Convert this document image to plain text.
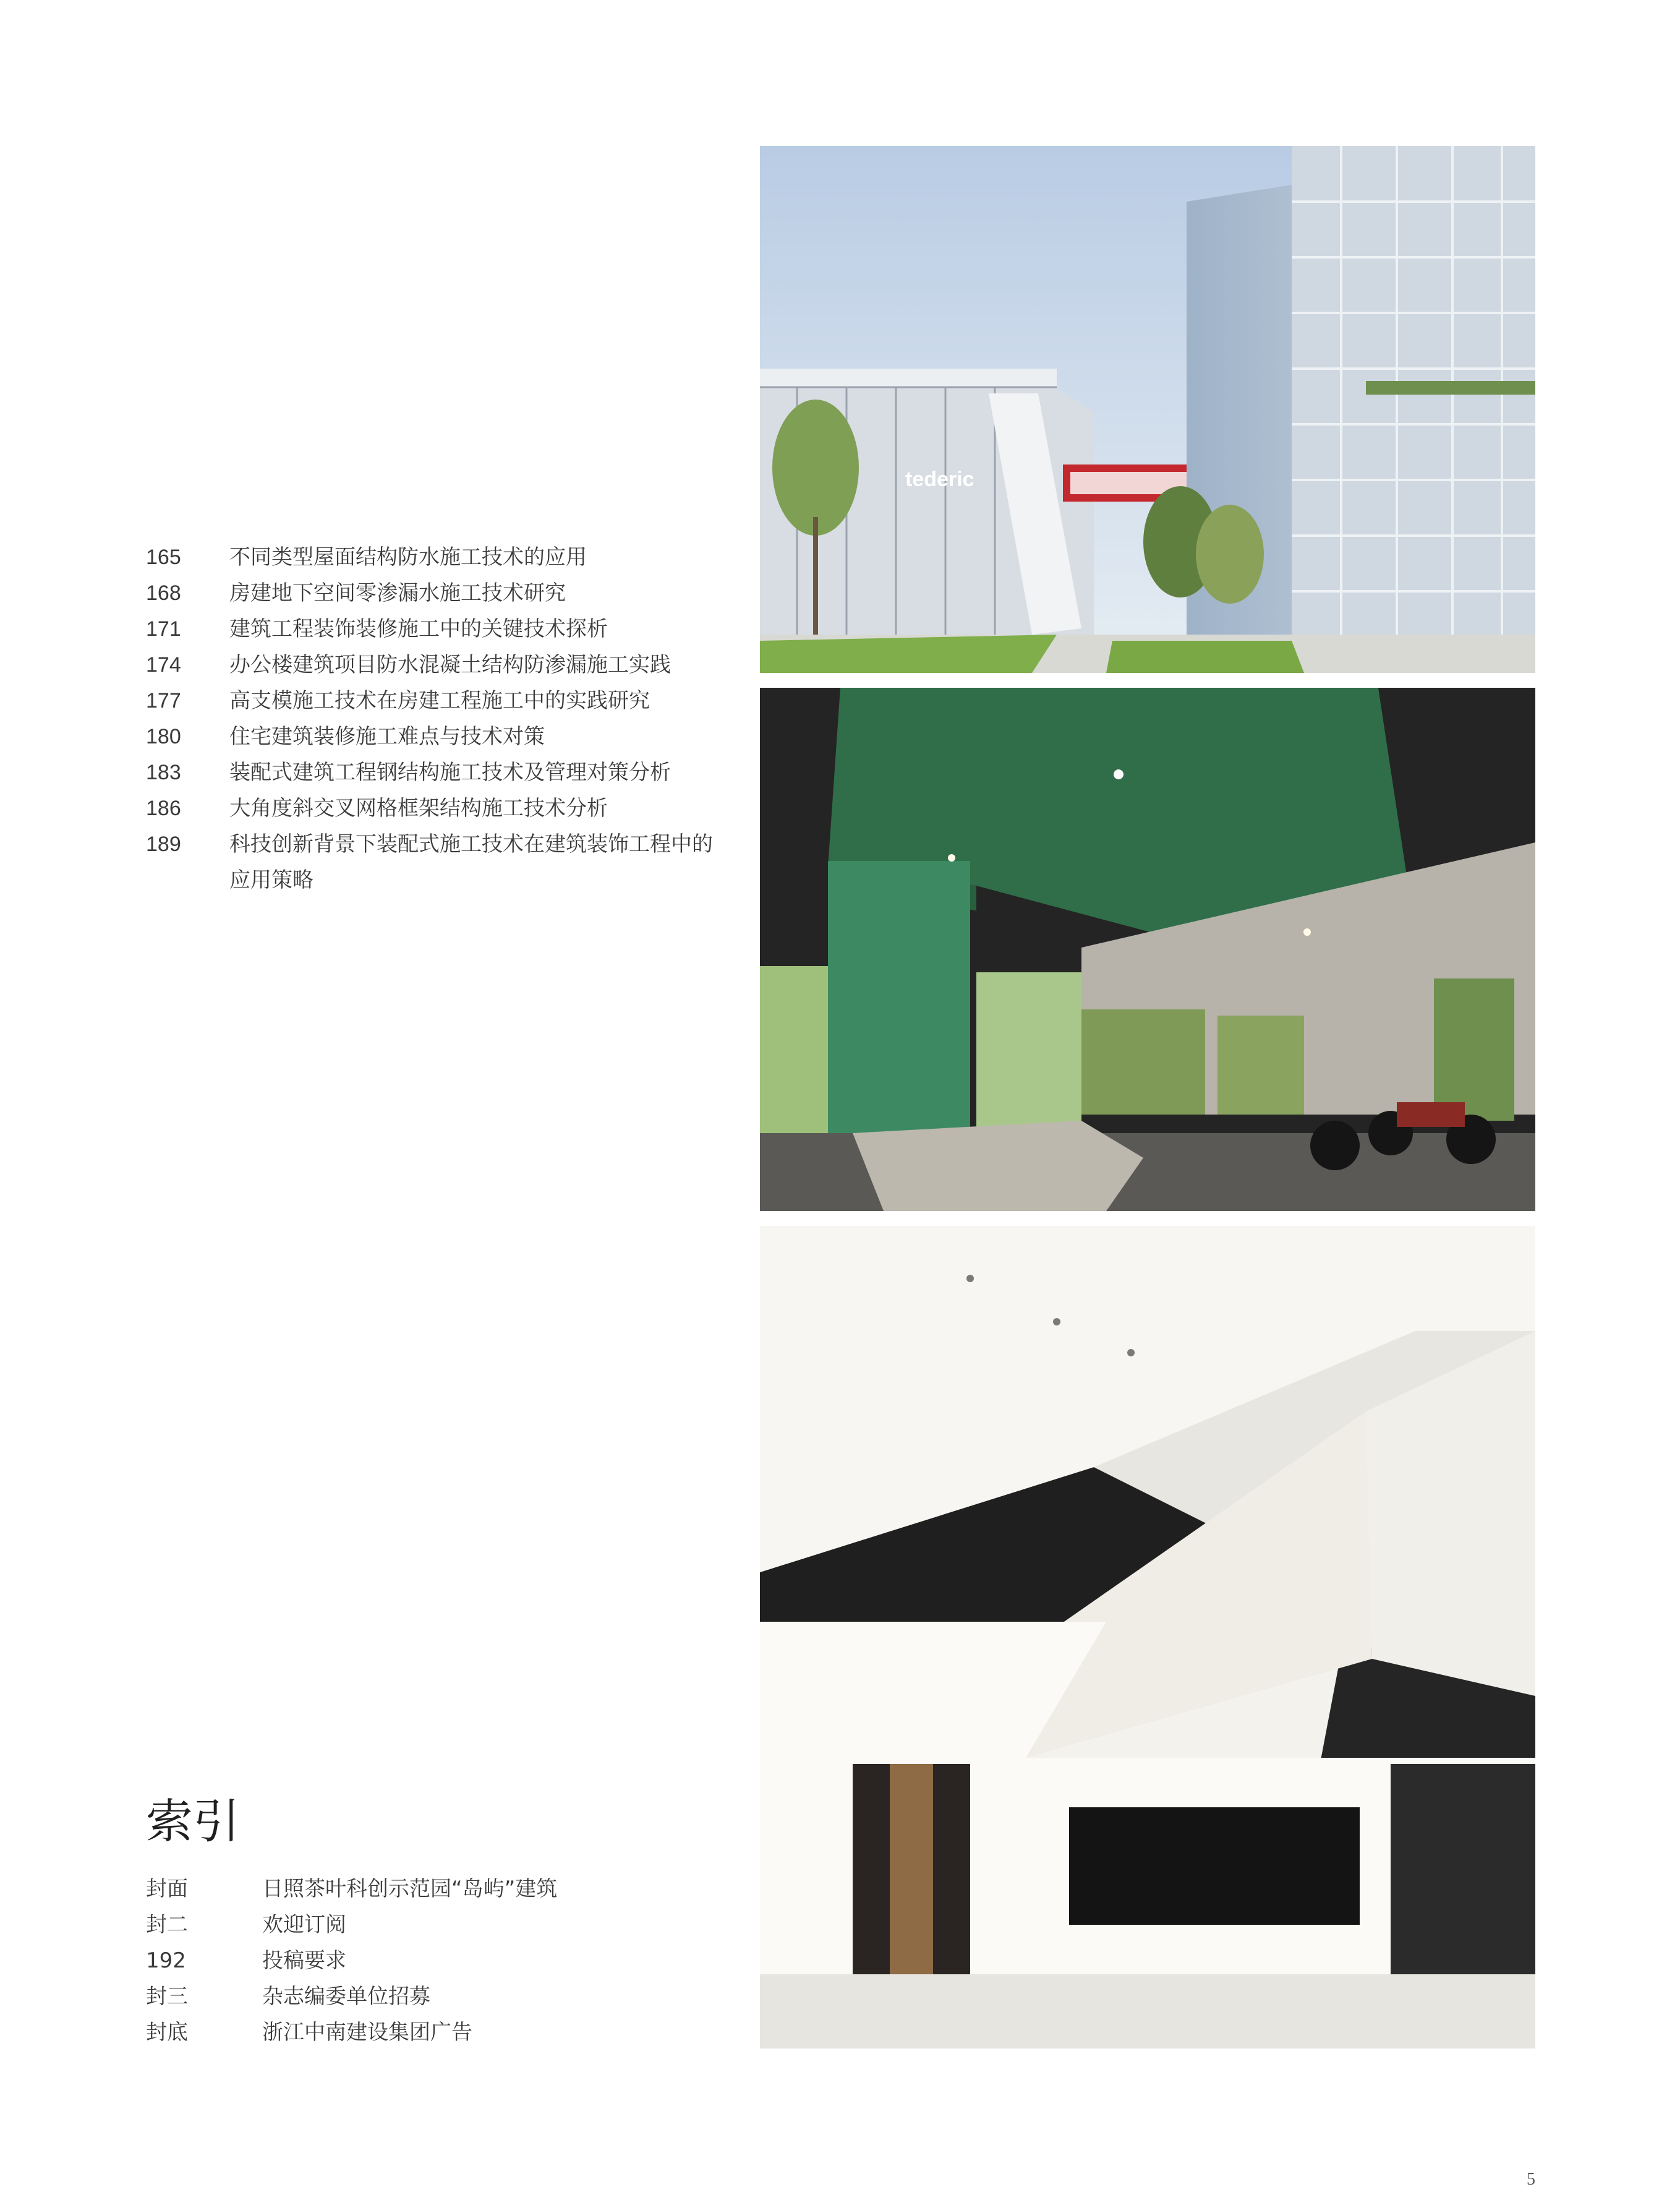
165	不同类型屋面结构防水施工技术的应用
168	房建地下空间零渗漏水施工技术研究
171	建筑工程装饰装修施工中的关键技术探析
174	办公楼建筑项目防水混凝土结构防渗漏施工实践
177	高支模施工技术在房建工程施工中的实践研究
180	住宅建筑装修施工难点与技术对策
183	装配式建筑工程钢结构施工技术及管理对策分析
186	大角度斜交叉网格框架结构施工技术分析
189	科技创新背景下装配式施工技术在建筑装饰工程中的应用策略
索引
封面	日照茶叶科创示范园“岛屿”建筑
封二	欢迎订阅
192	投稿要求
封三	杂志编委单位招募
封底	浙江中南建设集团广告
tederic
5
